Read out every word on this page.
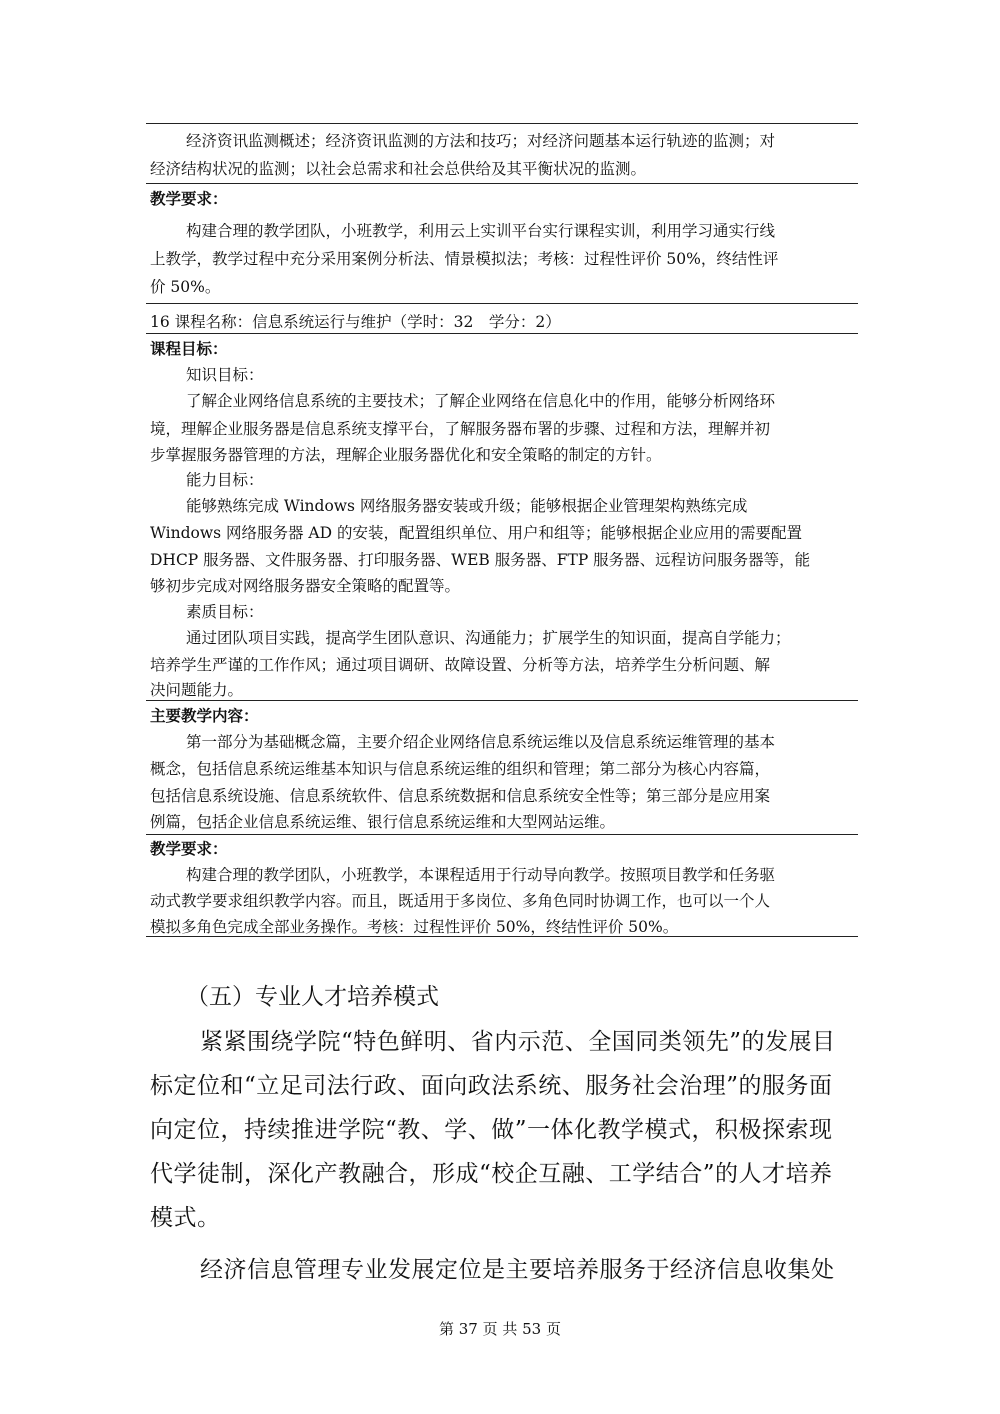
经济资讯监测概述；经济资讯监测的方法和技巧；对经济问题基本运行轨迹的监测；对
经济结构状况的监测；以社会总需求和社会总供给及其平衡状况的监测。
教学要求：
构建合理的教学团队，小班教学，利用云上实训平台实行课程实训，利用学习通实行线
上教学，教学过程中充分采用案例分析法、情景模拟法；考核：过程性评价 50%，终结性评
价 50%。
16 课程名称：信息系统运行与维护（学时：32　学分：2）
课程目标：
知识目标：
了解企业网络信息系统的主要技术；了解企业网络在信息化中的作用，能够分析网络环
境，理解企业服务器是信息系统支撑平台，了解服务器布署的步骤、过程和方法，理解并初
步掌握服务器管理的方法，理解企业服务器优化和安全策略的制定的方针。
能力目标：
能够熟练完成 Windows 网络服务器安装或升级；能够根据企业管理架构熟练完成
Windows 网络服务器 AD 的安装，配置组织单位、用户和组等；能够根据企业应用的需要配置
DHCP 服务器、文件服务器、打印服务器、WEB 服务器、FTP 服务器、远程访问服务器等，能
够初步完成对网络服务器安全策略的配置等。
素质目标：
通过团队项目实践，提高学生团队意识、沟通能力；扩展学生的知识面，提高自学能力；
培养学生严谨的工作作风；通过项目调研、故障设置、分析等方法，培养学生分析问题、解
决问题能力。
主要教学内容：
第一部分为基础概念篇，主要介绍企业网络信息系统运维以及信息系统运维管理的基本
概念，包括信息系统运维基本知识与信息系统运维的组织和管理；第二部分为核心内容篇，
包括信息系统设施、信息系统软件、信息系统数据和信息系统安全性等；第三部分是应用案
例篇，包括企业信息系统运维、银行信息系统运维和大型网站运维。
教学要求：
构建合理的教学团队，小班教学，本课程适用于行动导向教学。按照项目教学和任务驱
动式教学要求组织教学内容。而且，既适用于多岗位、多角色同时协调工作，也可以一个人
模拟多角色完成全部业务操作。考核：过程性评价 50%，终结性评价 50%。
（五）专业人才培养模式
紧紧围绕学院“特色鲜明、省内示范、全国同类领先”的发展目
标定位和“立足司法行政、面向政法系统、服务社会治理”的服务面
向定位，持续推进学院“教、学、做”一体化教学模式，积极探索现
代学徒制，深化产教融合，形成“校企互融、工学结合”的人才培养
模式。
经济信息管理专业发展定位是主要培养服务于经济信息收集处
第 37 页 共 53 页
